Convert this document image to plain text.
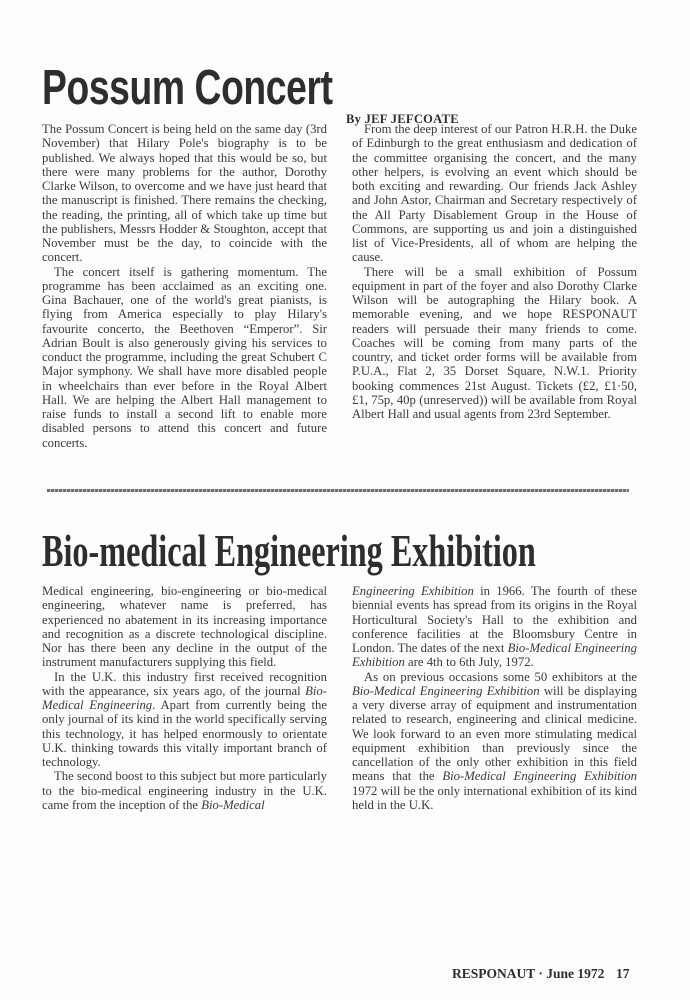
Possum Concert
By JEF JEFCOATE

The Possum Concert is being held on the same day (3rd November) that Hilary Pole's biography is to be published. We always hoped that this would be so, but there were many problems for the author, Dorothy Clarke Wilson, to overcome and we have just heard that the manuscript is finished. There remains the checking, the reading, the printing, all of which take up time but the publishers, Messrs Hodder & Stoughton, accept that November must be the day, to coincide with the concert.

The concert itself is gathering momentum. The programme has been acclaimed as an exciting one. Gina Bachauer, one of the world's great pianists, is flying from America especially to play Hilary's favourite concerto, the Beethoven “Emperor”. Sir Adrian Boult is also generously giving his services to conduct the programme, including the great Schubert C Major symphony. We shall have more disabled people in wheelchairs than ever before in the Royal Albert Hall. We are helping the Albert Hall management to raise funds to install a second lift to enable more disabled persons to attend this concert and future concerts.

From the deep interest of our Patron H.R.H. the Duke of Edinburgh to the great enthusiasm and dedication of the committee organising the concert, and the many other helpers, is evolving an event which should be both exciting and rewarding. Our friends Jack Ashley and John Astor, Chairman and Secretary respectively of the All Party Disablement Group in the House of Commons, are supporting us and join a distinguished list of Vice-Presidents, all of whom are helping the cause.

There will be a small exhibition of Possum equipment in part of the foyer and also Dorothy Clarke Wilson will be autographing the Hilary book. A memorable evening, and we hope RESPONAUT readers will persuade their many friends to come. Coaches will be coming from many parts of the country, and ticket order forms will be available from P.U.A., Flat 2, 35 Dorset Square, N.W.1. Priority booking commences 21st August. Tickets (£2, £1·50, £1, 75p, 40p (unreserved)) will be available from Royal Albert Hall and usual agents from 23rd September.

Bio-medical Engineering Exhibition

Medical engineering, bio-engineering or bio-medical engineering, whatever name is preferred, has experienced no abatement in its increasing importance and recognition as a discrete technological discipline. Nor has there been any decline in the output of the instrument manufacturers supplying this field.

In the U.K. this industry first received recognition with the appearance, six years ago, of the journal Bio-Medical Engineering. Apart from currently being the only journal of its kind in the world specifically serving this technology, it has helped enormously to orientate U.K. thinking towards this vitally important branch of technology.

The second boost to this subject but more particularly to the bio-medical engineering industry in the U.K. came from the inception of the Bio-Medical

Engineering Exhibition in 1966. The fourth of these biennial events has spread from its origins in the Royal Horticultural Society's Hall to the exhibition and conference facilities at the Bloomsbury Centre in London. The dates of the next Bio-Medical Engineering Exhibition are 4th to 6th July, 1972.

As on previous occasions some 50 exhibitors at the Bio-Medical Engineering Exhibition will be displaying a very diverse array of equipment and instrumentation related to research, engineering and clinical medicine. We look forward to an even more stimulating medical equipment exhibition than previously since the cancellation of the only other exhibition in this field means that the Bio-Medical Engineering Exhibition 1972 will be the only international exhibition of its kind held in the U.K.

RESPONAUT · June 1972 17
